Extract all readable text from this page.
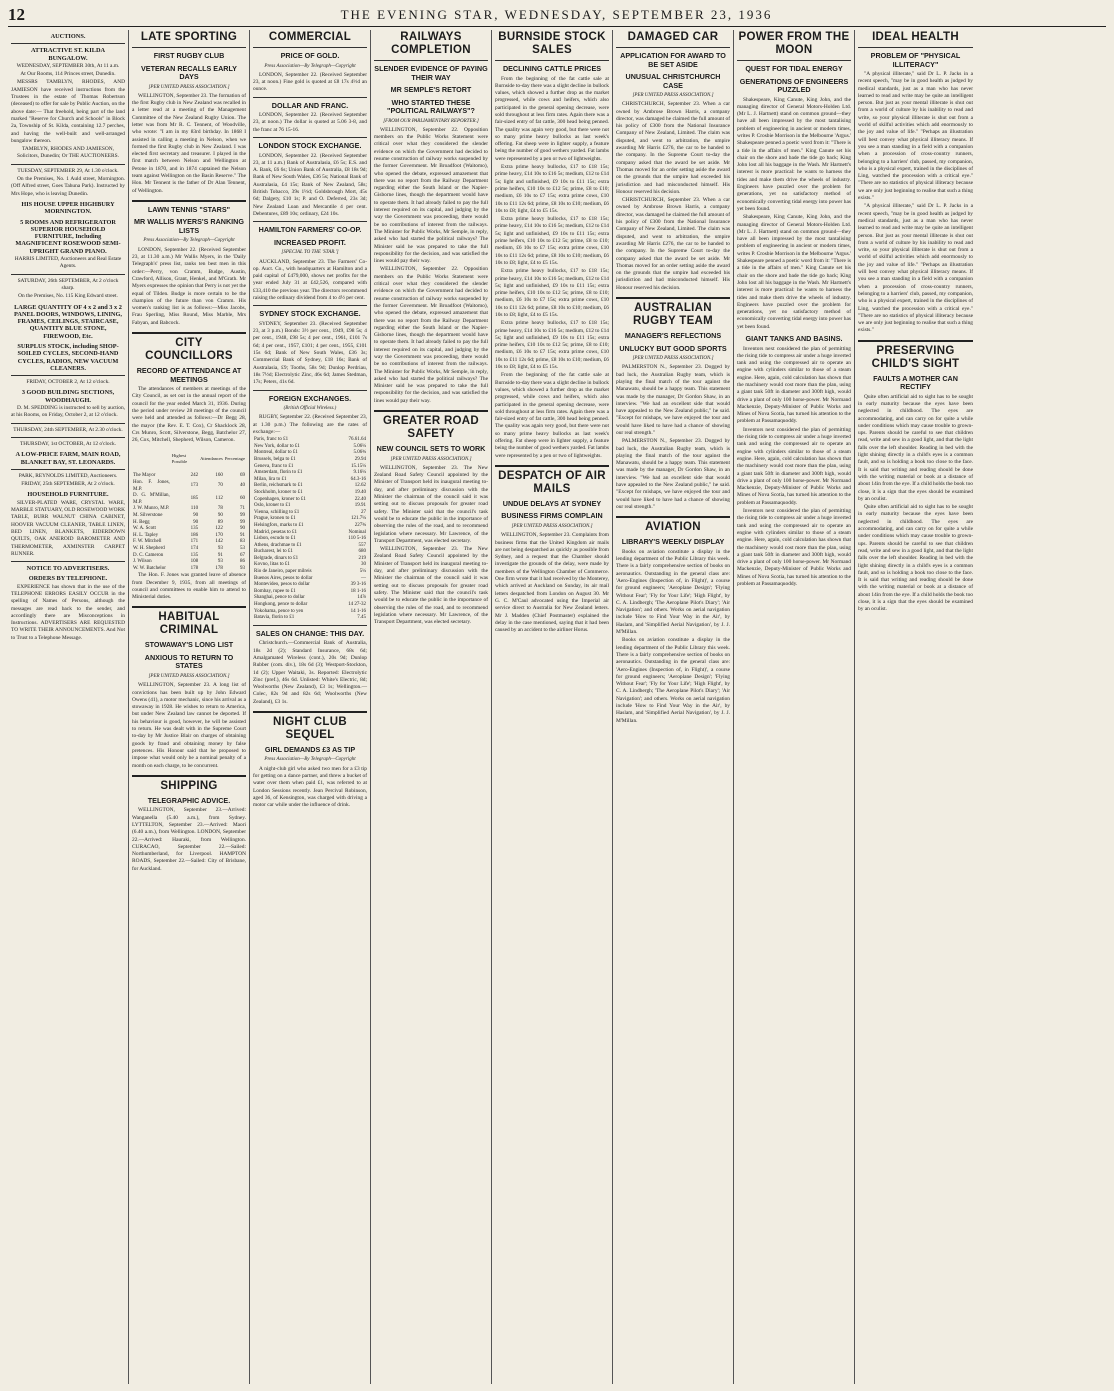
12	THE EVENING STAR, WEDNESDAY, SEPTEMBER 23, 1936
AUCTIONS.
ATTRACTIVE ST. KILDA BUNGALOW.

WEDNESDAY, SEPTEMBER 30th, At 11 a.m.

At Our Rooms, 114 Princes street, Dunedin.

MESSRS TAMBLYN, RHODES, AND JAMIESON have received instructions from the Trustees in the estate of Thomas Robertson (deceased) to offer for sale by Public Auction, on the above date:— That freehold, being part of the land marked "Reserve for Church and Schools" in Block 2a, Township of St. Kilda, containing 12.7 perches, and having the well-built and well-arranged bungalow thereon.

TAMBLYN, RHODES AND JAMIESON, Solicitors, Dunedin; Or THE AUCTIONEERS.

TUESDAY, SEPTEMBER 29, At 1.30 o'clock.

On the Premises, No. 1 Auld street, Mornington. (Off Alfred street, Goes Tahuna Park). Instructed by Mrs Hope, who is leaving Dunedin.

HIS HOUSE UPPER HIGHBURY MORNINGTON.
5 ROOMS AND REFRIGERATOR SUPERIOR HOUSEHOLD FURNITURE, Including MAGNIFICENT ROSEWOOD SEMI-UPRIGHT GRAND PIANO.

HARRIS LIMITED, Auctioneers and Real Estate Agents.

SATURDAY, 26th SEPTEMBER, At 2 o'clock sharp.

On the Premises, No. 115 King Edward street.

LARGE QUANTITY OF 4 x 2 and 3 x 2 PANEL DOORS, WINDOWS, LINING, FRAMES, CEILINGS, STAIRCASE, QUANTITY BLUE STONE, FIREWOOD, Etc.
SURPLUS STOCK, including SHOP-SOILED CYCLES, SECOND-HAND CYCLES, RADIOS, NEW VACUUM CLEANERS.

FRIDAY, OCTOBER 2, At 12 o'clock.

3 GOOD BUILDING SECTIONS, WOODHAUGH.

D. M. SPEDDING is instructed to sell by auction, at his Rooms, on Friday, October 2, at 12 o'clock.

THURSDAY, 24th SEPTEMBER, At 2.30 o'clock.

THURSDAY, 1st OCTOBER, At 12 o'clock.

A LOW-PRICE FARM, MAIN ROAD, BLANKET BAY, ST. LEONARDS.

PARK, REYNOLDS LIMITED, Auctioneers.

FRIDAY, 25th SEPTEMBER, At 2 o'clock.

HOUSEHOLD FURNITURE.

SILVER-PLATED WARE, CRYSTAL WARE, MARBLE STATUARY, OLD ROSEWOOD WORK TABLE, BURR WALNUT CHINA CABINET, HOOVER VACUUM CLEANER, TABLE LINEN, BED LINEN, BLANKETS, EIDERDOWN QUILTS, OAK ANEROID BAROMETER AND THERMOMETER, AXMINSTER CARPET RUNNER.

NOTICE TO ADVERTISERS.
ORDERS BY TELEPHONE.

EXPERIENCE has shown that in the use of the TELEPHONE ERRORS EASILY OCCUR in the spelling of Names of Persons, although the messages are read back to the sender, and accordingly there are Misconceptions in Instructions. ADVERTISERS ARE REQUESTED TO WRITE THEIR ANNOUNCEMENTS. And Not to Trust to a Telephone Message.

LATE SPORTING
FIRST RUGBY CLUB
VETERAN RECALLS EARLY DAYS
[PER UNITED PRESS ASSOCIATION.]

WELLINGTON, September 23. The formation of the first Rugby club in New Zealand was recalled in a letter read at a meeting of the Management Committee of the New Zealand Rugby Union. The letter was from Mr R. C. Tennent, of Woodville, who wrote: "I am in my 83rd birthday. In 1868 I assisted in calling a meeting in Nelson, when we formed the first Rugby club in New Zealand. I was elected first secretary and treasurer. I played in the first match between Nelson and Wellington at Petone in 1870, and in 1874 captained the Nelson team against Wellington on the Basin Reserve." The Hon. Mr Tennent is the father of Dr Alan Tennent, of Wellington.

LAWN TENNIS "STARS"
MR WALLIS MYERS'S RANKING LISTS
Press Association—By Telegraph—Copyright

LONDON, September 22. (Received September 23, at 11.30 a.m.) Mr Wallis Myers, in the 'Daily Telegraph's' press list, ranks ten best men in this order:—Perry, von Cramm, Budge, Austin, Crawford, Allison, Grant, Henkel, and M'Grath. Mr Myers expresses the opinion that Perry is not yet the equal of Tilden. Budge is more certain to be the champion of the future than von Cramm. His women's ranking list is as follows:—Miss Jacobs, Frau Sperling, Miss Round, Miss Marble, Mrs Fabyan, and Babcock.

CITY COUNCILLORS
RECORD OF ATTENDANCE AT MEETINGS

The attendances of members at meetings of the City Council, as set out in the annual report of the council for the year ended March 31, 1936. During the period under review 28 meetings of the council were held and attended as follows:—Dr Begg 28, the mayor (the Rev. E. T. Cox), Cr Shacklock 28, Crs Munro, Scott, Silverstone, Begg, Batchelor 27, 26, Cox, Mitchell, Shepherd, Wilson, Cameron.

	Highest Possible	Attendances	Percentage
The Mayor	242	160	69
Hon. F. Jones, M.P.	173	70	40
D. G. M'Millan, M.P.	185	112	60
J. W. Munro, M.P.	110	78	71
M. Silverstone	90	90	99
H. Begg	90	89	99
W. A. Scott	135	122	90
H. L. Tapley	186	170	91
F. W. Mitchell	171	142	83
W. H. Shepherd	174	93	53
D. C. Cameron	135	91	67
J. Wilson	108	93	86
W. W. Batchelor	178	178	93

The Hon. F. Jones was granted leave of absence from December 9, 1935, from all meetings of council and committees to enable him to attend to Ministerial duties.

HABITUAL CRIMINAL
STOWAWAY'S LONG LIST
ANXIOUS TO RETURN TO STATES
[PER UNITED PRESS ASSOCIATION.]

WELLINGTON, September 23. A long list of convictions has been built up by John Edward Owens (41), a motor mechanic, since his arrival as a stowaway in 1928. He wishes to return to America, but under New Zealand law cannot be deported. If his behaviour is good, however, he will be assisted to return. He was dealt with in the Supreme Court to-day by Mr Justice Blair on charges of obtaining goods by fraud and obtaining money by false pretences. His Honour said that he proposed to impose what would only be a nominal penalty of a month on each charge, to be concurrent.

SHIPPING
TELEGRAPHIC ADVICE.

WELLINGTON, September 23.—Arrived: Wanganella (5.40 a.m.), from Sydney. LYTTELTON, September 23.—Arrived: Maori (6.40 a.m.), from Wellington. LONDON, September 22.—Arrived: Hauraki, from Wellington. CURACAO, September 22.—Sailed: Northumberland, for Liverpool. HAMPTON ROADS, September 22.—Sailed: City of Brisbane, for Auckland.

COMMERCIAL
PRICE OF GOLD.
Press Association—By Telegraph—Copyright

LONDON, September 22. (Received September 23, at noon.) Fine gold is quoted at £8 17s 4½d an ounce.

DOLLAR AND FRANC.

LONDON, September 22. (Received September 23, at noon.) The dollar is quoted at 5.06 3-8, and the franc at 76 15-16.

LONDON STOCK EXCHANGE.

LONDON, September 22. (Received September 23, at 11 a.m.) Bank of Australasia, £6 5s; E.S. and A. Bank, £6 6s; Union Bank of Australia, £8 18s 9d; Bank of New South Wales, £36 5s; National Bank of Australasia, £4 15s; Bank of New Zealand, 58s; British Tobacco, 39s 1½d; Goldsbrough Mort, 45s 6d; Dalgety, £10 1s; P. and O. Deferred, 23s 3d; New Zealand Loan and Mercantile 4 per cent. Debentures, £89 10s; ordinary, £24 10s.

HAMILTON FARMERS' CO-OP.
INCREASED PROFIT.
[SPECIAL TO THE 'STAR.']

AUCKLAND, September 23. The Farmers' Co-op. Auct. Co., with headquarters at Hamilton and a paid capital of £479,000, shows net profits for the year ended July 31 at £42,526, compared with £33,410 the previous year. The directors recommend raising the ordinary dividend from 4 to 4½ per cent.

SYDNEY STOCK EXCHANGE.

SYDNEY, September 23. (Received September 23, at 3 p.m.) Bonds: 3½ per cent., 1949, £98 5s; 4 per cent., 1948, £98 5s; 4 per cent., 1961, £101 7s 6d; 4 per cent., 1957, £101; 4 per cent., 1955, £101 15s 6d; Bank of New South Wales, £36 3s; Commercial Bank of Sydney, £18 16s; Bank of Australasia, £9; Tooths, 58s 9d; Dunlop Perdriau, 18s 7½d; Electrolytic Zinc, 46s 6d; James Stedman, 17s; Peters, 41s 6d.

FOREIGN EXCHANGES.
(British Official Wireless.)

RUGBY, September 22. (Received September 23, at 1.30 p.m.) The following are the rates of exchange:—

Paris, franc to £1	76.61.64
New York, dollar to £1	5.06¼
Montreal, dollar to £1	5.06¾
Brussels, belga to £1	29.94
Geneva, franc to £1	15.15¼
Amsterdam, florin to £1	9.16¼
Milan, lira to £1	64.3-16
Berlin, reichsmark to £1	12.62
Stockholm, kroner to £1	19.40
Copenhagen, kroner to £1	22.40
Oslo, kroner to £1	19.91
Vienna, schilling to £1	27
Prague, kronen to £1	121.7¼
Helsingfors, marks to £1	227¾
Madrid, pesetas to £1	Nominal
Lisbon, escudo to £1	110 5-16
Athens, drachmae to £1	557
Bucharest, lei to £1	680
Belgrade, dinars to £1	219
Kovno, litas to £1	30
Rio de Janeiro, paper milreis	5¼
Buenos Aires, pesos to dollar	—
Montevideo, pesos to dollar	39 3-16
Bombay, rupee to £1	18 1-16
Shanghai, pence to dollar	14⅞
Hongkong, pence to dollar	14 27-32
Yokohama, pence to yen	14 1-16
Batavia, florin to £1	7.45
SALES ON CHANGE: THIS DAY.

Christchurch.—Commercial Bank of Australia, 18s 2d (2); Standard Insurance, 68s 6d; Amalgamated Wireless (cont.), 20s 9d; Dunlop Rubber (com. div.), 18s 6d (3); Westport-Stockton, 1d (2); Upper Waitaki, 3s. Reported: Electrolytic Zinc (pref.), 46s 6d. Unlisted: White's Electric, 8d; Woolworths (New Zealand), £3 1s; Wellington.—Colec, 82s 9d and 82s 6d; Woolworths (New Zealand), £3 1s.

NIGHT CLUB SEQUEL
GIRL DEMANDS £3 AS TIP
Press Association—By Telegraph—Copyright

A night-club girl who asked two men for a £3 tip for getting on a dance partner, and threw a bucket of water over them when paid £1, was referred to at London Sessions recently. Jean Percival Robinson, aged 36, of Kensington, was charged with driving a motor car while under the influence of drink.

RAILWAYS COMPLETION
SLENDER EVIDENCE OF PAYING THEIR WAY
MR SEMPLE'S RETORT
WHO STARTED THESE "POLITICAL RAILWAYS"?
[FROM OUR PARLIAMENTARY REPORTER.]

WELLINGTON, September 22. Opposition members on the Public Works Statement were critical over what they considered the slender evidence on which the Government had decided to resume construction of railway works suspended by the former Government. Mr Broadfoot (Waitomo), who opened the debate, expressed amazement that there was no report from the Railway Department regarding either the South Island or the Napier-Gisborne lines, though the department would have to operate them. It had already failed to pay the full interest required on its capital, and judging by the way the Government was proceeding, there would be no contributions of interest from the railways. The Minister for Public Works, Mr Semple, in reply, asked who had started the political railways? The Minister said he was prepared to take the full responsibility for the decision, and was satisfied the lines would pay their way.

WELLINGTON, September 22. Opposition members on the Public Works Statement were critical over what they considered the slender evidence on which the Government had decided to resume construction of railway works suspended by the former Government. Mr Broadfoot (Waitomo), who opened the debate, expressed amazement that there was no report from the Railway Department regarding either the South Island or the Napier-Gisborne lines, though the department would have to operate them. It had already failed to pay the full interest required on its capital, and judging by the way the Government was proceeding, there would be no contributions of interest from the railways. The Minister for Public Works, Mr Semple, in reply, asked who had started the political railways? The Minister said he was prepared to take the full responsibility for the decision, and was satisfied the lines would pay their way.

GREATER ROAD SAFETY
NEW COUNCIL SETS TO WORK
[PER UNITED PRESS ASSOCIATION.]

WELLINGTON, September 23. The New Zealand Road Safety Council appointed by the Minister of Transport held its inaugural meeting to-day, and after preliminary discussion with the Minister the chairman of the council said it was setting out to discuss proposals for greater road safety. The Minister said that the council's task would be to educate the public in the importance of observing the rules of the road, and to recommend legislation where necessary. Mr Lawrence, of the Transport Department, was elected secretary.

WELLINGTON, September 23. The New Zealand Road Safety Council appointed by the Minister of Transport held its inaugural meeting to-day, and after preliminary discussion with the Minister the chairman of the council said it was setting out to discuss proposals for greater road safety. The Minister said that the council's task would be to educate the public in the importance of observing the rules of the road, and to recommend legislation where necessary. Mr Lawrence, of the Transport Department, was elected secretary.

BURNSIDE STOCK SALES
DECLINING CATTLE PRICES

From the beginning of the fat cattle sale at Burnside to-day there was a slight decline in bullock values, which showed a further drop as the market progressed, while cows and heifers, which also participated in the general opening decrease, were sold throughout at less firm rates. Again there was a fair-sized entry of fat cattle, 300 head being penned. The quality was again very good, but there were not so many prime heavy bullocks as last week's offering. Fat sheep were in lighter supply, a feature being the number of good wethers yarded. Fat lambs were represented by a pen or two of lightweights.

Extra prime heavy bullocks, £17 to £18 15s; prime heavy, £14 10s to £16 5s; medium, £12 to £14 5s; light and unfinished, £9 10s to £11 15s; extra prime heifers, £10 10s to £12 5s; prime, £8 to £10; medium, £6 10s to £7 15s; extra prime cows, £10 10s to £11 12s 6d; prime, £8 10s to £10; medium, £6 10s to £8; light, £4 to £5 15s.

Extra prime heavy bullocks, £17 to £18 15s; prime heavy, £14 10s to £16 5s; medium, £12 to £14 5s; light and unfinished, £9 10s to £11 15s; extra prime heifers, £10 10s to £12 5s; prime, £8 to £10; medium, £6 10s to £7 15s; extra prime cows, £10 10s to £11 12s 6d; prime, £8 10s to £10; medium, £6 10s to £8; light, £4 to £5 15s.

Extra prime heavy bullocks, £17 to £18 15s; prime heavy, £14 10s to £16 5s; medium, £12 to £14 5s; light and unfinished, £9 10s to £11 15s; extra prime heifers, £10 10s to £12 5s; prime, £8 to £10; medium, £6 10s to £7 15s; extra prime cows, £10 10s to £11 12s 6d; prime, £8 10s to £10; medium, £6 10s to £8; light, £4 to £5 15s.

Extra prime heavy bullocks, £17 to £18 15s; prime heavy, £14 10s to £16 5s; medium, £12 to £14 5s; light and unfinished, £9 10s to £11 15s; extra prime heifers, £10 10s to £12 5s; prime, £8 to £10; medium, £6 10s to £7 15s; extra prime cows, £10 10s to £11 12s 6d; prime, £8 10s to £10; medium, £6 10s to £8; light, £4 to £5 15s.

From the beginning of the fat cattle sale at Burnside to-day there was a slight decline in bullock values, which showed a further drop as the market progressed, while cows and heifers, which also participated in the general opening decrease, were sold throughout at less firm rates. Again there was a fair-sized entry of fat cattle, 300 head being penned. The quality was again very good, but there were not so many prime heavy bullocks as last week's offering. Fat sheep were in lighter supply, a feature being the number of good wethers yarded. Fat lambs were represented by a pen or two of lightweights.

DESPATCH OF AIR MAILS
UNDUE DELAYS AT SYDNEY
BUSINESS FIRMS COMPLAIN
[PER UNITED PRESS ASSOCIATION.]

WELLINGTON, September 23. Complaints from business firms that the United Kingdom air mails are not being despatched as quickly as possible from Sydney, and a request that the Chamber should investigate the grounds of the delay, were made by members of the Wellington Chamber of Commerce. One firm wrote that it had received by the Monterey, which arrived at Auckland on Sunday, its air mail letters despatched from London on August 30. Mr G. C. M'Caul advocated using the Imperial air service direct to Australia for New Zealand letters. Mr J. Madden (Chief Postmaster) explained the delay in the case mentioned, saying that it had been caused by an accident to the airliner Horus.

DAMAGED CAR
APPLICATION FOR AWARD TO BE SET ASIDE
UNUSUAL CHRISTCHURCH CASE
[PER UNITED PRESS ASSOCIATION.]

CHRISTCHURCH, September 23. When a car owned by Ambrose Brown Harris, a company director, was damaged he claimed the full amount of his policy of £300 from the National Insurance Company of New Zealand, Limited. The claim was disputed, and went to arbitration, the umpire awarding Mr Harris £276, the car to be handed to the company. In the Supreme Court to-day the company asked that the award be set aside. Mr Thomas moved for an order setting aside the award on the grounds that the umpire had exceeded his jurisdiction and had misconducted himself. His Honour reserved his decision.

CHRISTCHURCH, September 23. When a car owned by Ambrose Brown Harris, a company director, was damaged he claimed the full amount of his policy of £300 from the National Insurance Company of New Zealand, Limited. The claim was disputed, and went to arbitration, the umpire awarding Mr Harris £276, the car to be handed to the company. In the Supreme Court to-day the company asked that the award be set aside. Mr Thomas moved for an order setting aside the award on the grounds that the umpire had exceeded his jurisdiction and had misconducted himself. His Honour reserved his decision.

AUSTRALIAN RUGBY TEAM
MANAGER'S REFLECTIONS
UNLUCKY BUT GOOD SPORTS
[PER UNITED PRESS ASSOCIATION.]

PALMERSTON N., September 23. Dogged by bad luck, the Australian Rugby team, which is playing the final match of the tour against the Manawatu, should be a happy team. This statement was made by the manager, Dr Gordon Shaw, in an interview. "We had an excellent side that would have appealed to the New Zealand public," he said. "Except for mishaps, we have enjoyed the tour and would have liked to have had a chance of showing our real strength."

PALMERSTON N., September 23. Dogged by bad luck, the Australian Rugby team, which is playing the final match of the tour against the Manawatu, should be a happy team. This statement was made by the manager, Dr Gordon Shaw, in an interview. "We had an excellent side that would have appealed to the New Zealand public," he said. "Except for mishaps, we have enjoyed the tour and would have liked to have had a chance of showing our real strength."

AVIATION
LIBRARY'S WEEKLY DISPLAY

Books on aviation constitute a display in the lending department of the Public Library this week. There is a fairly comprehensive section of books on aeronautics. Outstanding in the general class are: 'Aero-Engines (Inspection of, in Flight)', a course for ground engineers; 'Aeroplane Design'; 'Flying Without Fear'; 'Fly for Your Life'; 'High Flight', by C. A. Lindbergh; 'The Aeroplane Pilot's Diary'; 'Air Navigation'; and others. Works on aerial navigation include 'How to Find Your Way in the Air', by Haslam, and 'Simplified Aerial Navigation', by J. J. M'Millan.

Books on aviation constitute a display in the lending department of the Public Library this week. There is a fairly comprehensive section of books on aeronautics. Outstanding in the general class are: 'Aero-Engines (Inspection of, in Flight)', a course for ground engineers; 'Aeroplane Design'; 'Flying Without Fear'; 'Fly for Your Life'; 'High Flight', by C. A. Lindbergh; 'The Aeroplane Pilot's Diary'; 'Air Navigation'; and others. Works on aerial navigation include 'How to Find Your Way in the Air', by Haslam, and 'Simplified Aerial Navigation', by J. J. M'Millan.

POWER FROM THE MOON
QUEST FOR TIDAL ENERGY
GENERATIONS OF ENGINEERS PUZZLED

Shakespeare, King Canute, King John, and the managing director of General Motors-Holden Ltd. (Mr L. J. Hartnett) stand on common ground—they have all been impressed by the most tantalising problem of engineering in ancient or modern times, writes P. Crosbie Morrison in the Melbourne 'Argus.' Shakespeare penned a poetic word from it: "There is a tide in the affairs of men." King Canute set his chair on the shore and bade the tide go back; King John lost all his baggage in the Wash. Mr Hartnett's interest is more practical: he wants to harness the tides and make them drive the wheels of industry. Engineers have puzzled over the problem for generations, yet no satisfactory method of economically converting tidal energy into power has yet been found.

Shakespeare, King Canute, King John, and the managing director of General Motors-Holden Ltd. (Mr L. J. Hartnett) stand on common ground—they have all been impressed by the most tantalising problem of engineering in ancient or modern times, writes P. Crosbie Morrison in the Melbourne 'Argus.' Shakespeare penned a poetic word from it: "There is a tide in the affairs of men." King Canute set his chair on the shore and bade the tide go back; King John lost all his baggage in the Wash. Mr Hartnett's interest is more practical: he wants to harness the tides and make them drive the wheels of industry. Engineers have puzzled over the problem for generations, yet no satisfactory method of economically converting tidal energy into power has yet been found.

GIANT TANKS AND BASINS.

Inventors next considered the plan of permitting the rising tide to compress air under a huge inverted tank and using the compressed air to operate an engine with cylinders similar to those of a steam engine. Here, again, cold calculation has shown that the machinery would cost more than the plan, using a giant tank 50ft in diameter and 300ft high, would drive a plant of only 100 horse-power. Mr Normand Mackenzie, Deputy-Minister of Public Works and Mines of Nova Scotia, has turned his attention to the problem at Passamaquoddy.

Inventors next considered the plan of permitting the rising tide to compress air under a huge inverted tank and using the compressed air to operate an engine with cylinders similar to those of a steam engine. Here, again, cold calculation has shown that the machinery would cost more than the plan, using a giant tank 50ft in diameter and 300ft high, would drive a plant of only 100 horse-power. Mr Normand Mackenzie, Deputy-Minister of Public Works and Mines of Nova Scotia, has turned his attention to the problem at Passamaquoddy.

Inventors next considered the plan of permitting the rising tide to compress air under a huge inverted tank and using the compressed air to operate an engine with cylinders similar to those of a steam engine. Here, again, cold calculation has shown that the machinery would cost more than the plan, using a giant tank 50ft in diameter and 300ft high, would drive a plant of only 100 horse-power. Mr Normand Mackenzie, Deputy-Minister of Public Works and Mines of Nova Scotia, has turned his attention to the problem at Passamaquoddy.

IDEAL HEALTH
PROBLEM OF "PHYSICAL ILLITERACY"

"A physical illiterate," said Dr L. P. Jacks in a recent speech, "may be in good health as judged by medical standards, just as a man who has never learned to read and write may be quite an intelligent person. But just as your mental illiterate is shut out from a world of culture by his inability to read and write, so your physical illiterate is shut out from a world of skilful activities which add enormously to the joy and value of life." "Perhaps an illustration will best convey what physical illiteracy means. If you see a man standing in a field with a companion when a procession of cross-country runners, belonging to a harriers' club, passed, my companion, who is a physical expert, trained in the disciplines of Ling, watched the procession with a critical eye." "There are no statistics of physical illiteracy because we are only just beginning to realise that such a thing exists."

"A physical illiterate," said Dr L. P. Jacks in a recent speech, "may be in good health as judged by medical standards, just as a man who has never learned to read and write may be quite an intelligent person. But just as your mental illiterate is shut out from a world of culture by his inability to read and write, so your physical illiterate is shut out from a world of skilful activities which add enormously to the joy and value of life." "Perhaps an illustration will best convey what physical illiteracy means. If you see a man standing in a field with a companion when a procession of cross-country runners, belonging to a harriers' club, passed, my companion, who is a physical expert, trained in the disciplines of Ling, watched the procession with a critical eye." "There are no statistics of physical illiteracy because we are only just beginning to realise that such a thing exists."

PRESERVING CHILD'S SIGHT
FAULTS A MOTHER CAN RECTIFY

Quite often artificial aid to sight has to be sought in early maturity because the eyes have been neglected in childhood. The eyes are accommodating, and can carry on for quite a while under conditions which may cause trouble to grown-ups. Parents should be careful to see that children read, write and sew in a good light, and that the light falls over the left shoulder. Reading in bed with the light shining directly in a child's eyes is a common fault, and so is holding a book too close to the face. It is said that writing and reading should be done with the writing material or book at a distance of about 14in from the eye. If a child holds the book too close, it is a sign that the eyes should be examined by an oculist.

Quite often artificial aid to sight has to be sought in early maturity because the eyes have been neglected in childhood. The eyes are accommodating, and can carry on for quite a while under conditions which may cause trouble to grown-ups. Parents should be careful to see that children read, write and sew in a good light, and that the light falls over the left shoulder. Reading in bed with the light shining directly in a child's eyes is a common fault, and so is holding a book too close to the face. It is said that writing and reading should be done with the writing material or book at a distance of about 14in from the eye. If a child holds the book too close, it is a sign that the eyes should be examined by an oculist.
